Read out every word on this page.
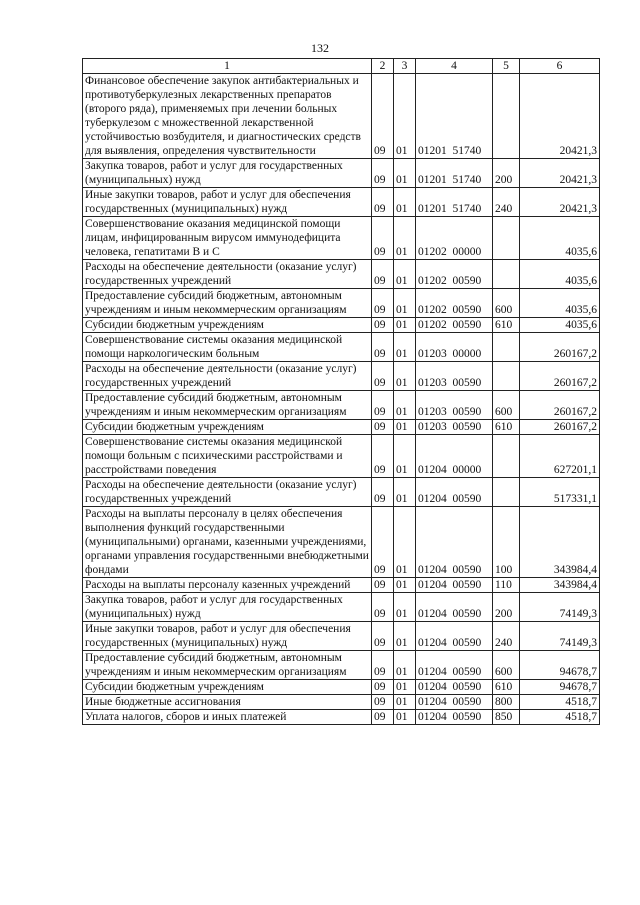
132
1	2	3	4	5	6
Финансовое обеспечение закупок антибактериальных и противотуберкулезных лекарственных препаратов (второго ряда), применяемых при лечении больных туберкулезом с множественной лекарственной устойчивостью возбудителя, и диагностических средств для выявления, определения чувствительности	09	01	01201  51740		20421,3
Закупка товаров, работ и услуг для государственных (муниципальных) нужд	09	01	01201  51740	200	20421,3
Иные закупки товаров, работ и услуг для обеспечения государственных (муниципальных) нужд	09	01	01201  51740	240	20421,3
Совершенствование оказания медицинской помощи лицам, инфицированным вирусом иммунодефицита человека, гепатитами В и С	09	01	01202  00000		4035,6
Расходы на обеспечение деятельности (оказание услуг) государственных учреждений	09	01	01202  00590		4035,6
Предоставление субсидий бюджетным, автономным учреждениям и иным некоммерческим организациям	09	01	01202  00590	600	4035,6
Субсидии бюджетным учреждениям	09	01	01202  00590	610	4035,6
Совершенствование системы оказания медицинской помощи наркологическим больным	09	01	01203  00000		260167,2
Расходы на обеспечение деятельности (оказание услуг) государственных учреждений	09	01	01203  00590		260167,2
Предоставление субсидий бюджетным, автономным учреждениям и иным некоммерческим организациям	09	01	01203  00590	600	260167,2
Субсидии бюджетным учреждениям	09	01	01203  00590	610	260167,2
Совершенствование системы оказания медицинской помощи больным с психическими расстройствами и расстройствами поведения	09	01	01204  00000		627201,1
Расходы на обеспечение деятельности (оказание услуг) государственных учреждений	09	01	01204  00590		517331,1
Расходы на выплаты персоналу в целях обеспечения выполнения функций государственными (муниципальными) органами, казенными учреждениями, органами управления государственными внебюджетными фондами	09	01	01204  00590	100	343984,4
Расходы на выплаты персоналу казенных учреждений	09	01	01204  00590	110	343984,4
Закупка товаров, работ и услуг для государственных (муниципальных) нужд	09	01	01204  00590	200	74149,3
Иные закупки товаров, работ и услуг для обеспечения государственных (муниципальных) нужд	09	01	01204  00590	240	74149,3
Предоставление субсидий бюджетным, автономным учреждениям и иным некоммерческим организациям	09	01	01204  00590	600	94678,7
Субсидии бюджетным учреждениям	09	01	01204  00590	610	94678,7
Иные бюджетные ассигнования	09	01	01204  00590	800	4518,7
Уплата налогов, сборов и иных платежей	09	01	01204  00590	850	4518,7
